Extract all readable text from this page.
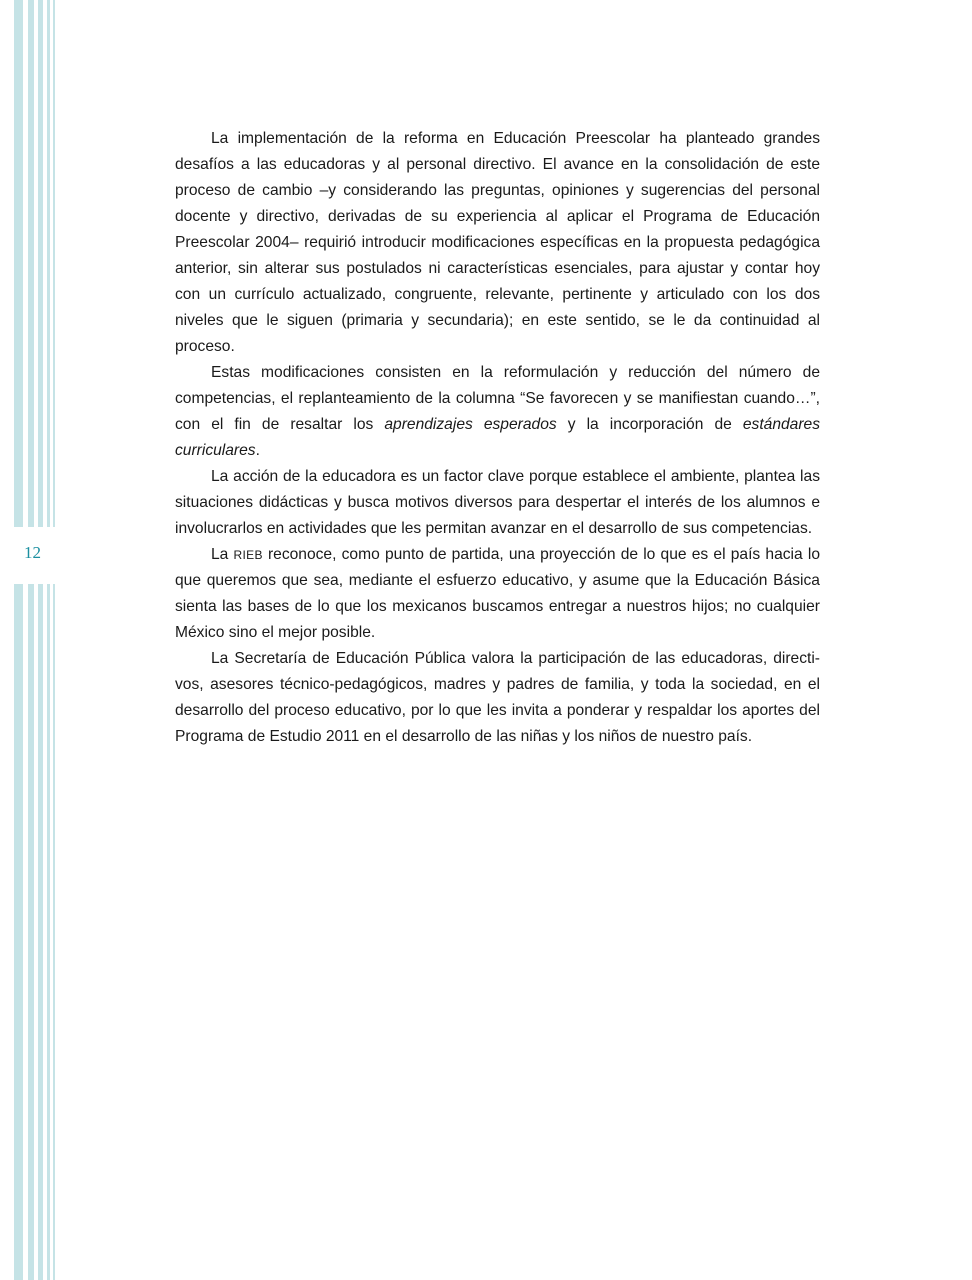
12

La implementación de la reforma en Educación Preescolar ha planteado grandes desafíos a las educadoras y al personal directivo. El avance en la consolidación de este proceso de cambio –y considerando las preguntas, opiniones y sugerencias del personal docente y directivo, derivadas de su experiencia al aplicar el Programa de Educación Preescolar 2004– requirió introducir modificaciones específicas en la propuesta pedagógica anterior, sin alterar sus postulados ni características esenciales, para ajustar y contar hoy con un currículo actualizado, congruente, relevante, pertinente y articulado con los dos niveles que le siguen (primaria y secundaria); en este sentido, se le da continuidad al proceso.

Estas modificaciones consisten en la reformulación y reducción del número de competencias, el replanteamiento de la columna “Se favorecen y se manifiestan cuando…”, con el fin de resaltar los aprendizajes esperados y la incorporación de estándares curriculares.

La acción de la educadora es un factor clave porque establece el ambiente, plantea las situaciones didácticas y busca motivos diversos para despertar el interés de los alumnos e involucrarlos en actividades que les permitan avanzar en el desarrollo de sus competencias.

La RIEB reconoce, como punto de partida, una proyección de lo que es el país hacia lo que queremos que sea, mediante el esfuerzo educativo, y asume que la Educación Básica sienta las bases de lo que los mexicanos buscamos entregar a nuestros hijos; no cualquier México sino el mejor posible.

La Secretaría de Educación Pública valora la participación de las educadoras, directivos, asesores técnico-pedagógicos, madres y padres de familia, y toda la sociedad, en el desarrollo del proceso educativo, por lo que les invita a ponderar y respaldar los aportes del Programa de Estudio 2011 en el desarrollo de las niñas y los niños de nuestro país.
